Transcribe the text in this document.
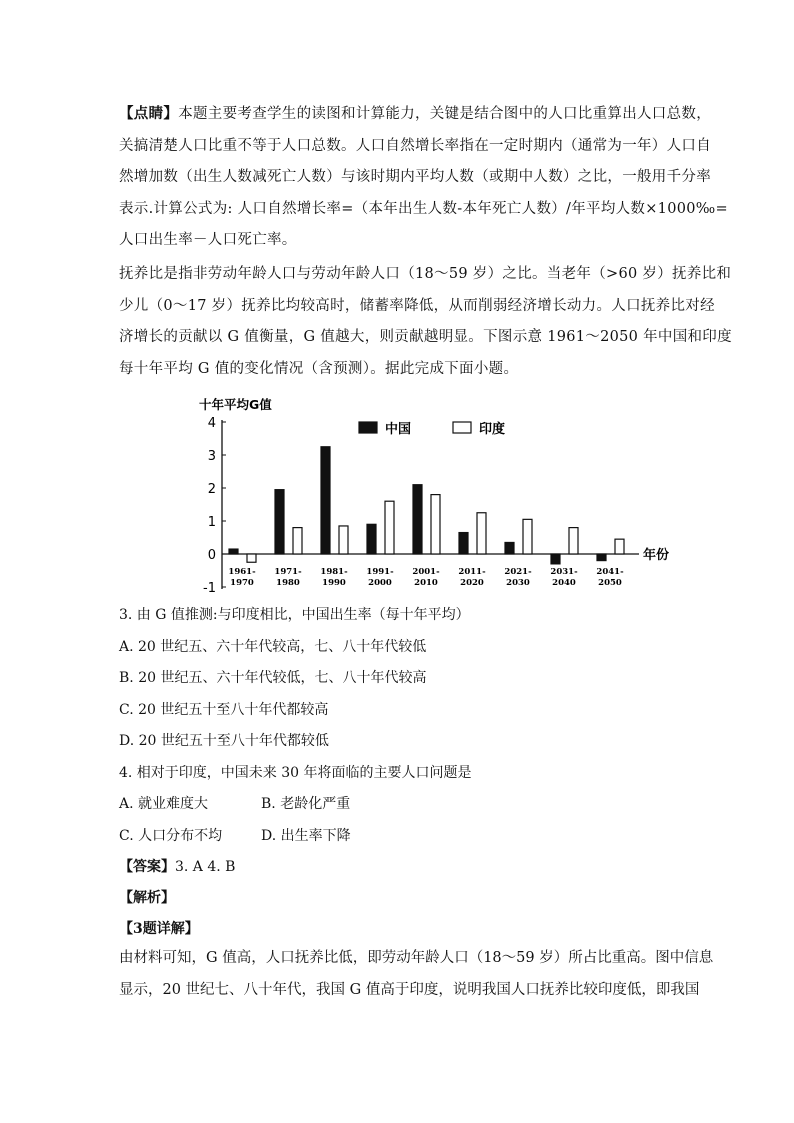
【点睛】本题主要考查学生的读图和计算能力，关键是结合图中的人口比重算出人口总数，
关搞清楚人口比重不等于人口总数。人口自然增长率指在一定时期内（通常为一年）人口自
然增加数（出生人数减死亡人数）与该时期内平均人数（或期中人数）之比，一般用千分率
表示.计算公式为: 人口自然增长率=（本年出生人数-本年死亡人数）/年平均人数×1000‰=
人口出生率－人口死亡率。
抚养比是指非劳动年龄人口与劳动年龄人口（18～59 岁）之比。当老年（>60 岁）抚养比和
少儿（0～17 岁）抚养比均较高时，储蓄率降低，从而削弱经济增长动力。人口抚养比对经
济增长的贡献以 G 值衡量，G 值越大，则贡献越明显。下图示意 1961～2050 年中国和印度
每十年平均 G 值的变化情况（含预测）。据此完成下面小题。
十年平均G值
4
3
2
1
0
-1
1961-
1970
1971-
1980
1981-
1990
1991-
2000
2001-
2010
2011-
2020
2021-
2030
2031-
2040
2041-
2050
年份
中国	印度
3. 由 G 值推测:与印度相比，中国出生率（每十年平均）
A. 20 世纪五、六十年代较高，七、八十年代较低
B. 20 世纪五、六十年代较低，七、八十年代较高
C. 20 世纪五十至八十年代都较高
D. 20 世纪五十至八十年代都较低
4. 相对于印度，中国未来 30 年将面临的主要人口问题是
A. 就业难度大	B. 老龄化严重
C. 人口分布不均	D. 出生率下降
【答案】3. A 4. B
【解析】
【3题详解】
由材料可知，G 值高，人口抚养比低，即劳动年龄人口（18～59 岁）所占比重高。图中信息
显示，20 世纪七、八十年代，我国 G 值高于印度，说明我国人口抚养比较印度低，即我国
